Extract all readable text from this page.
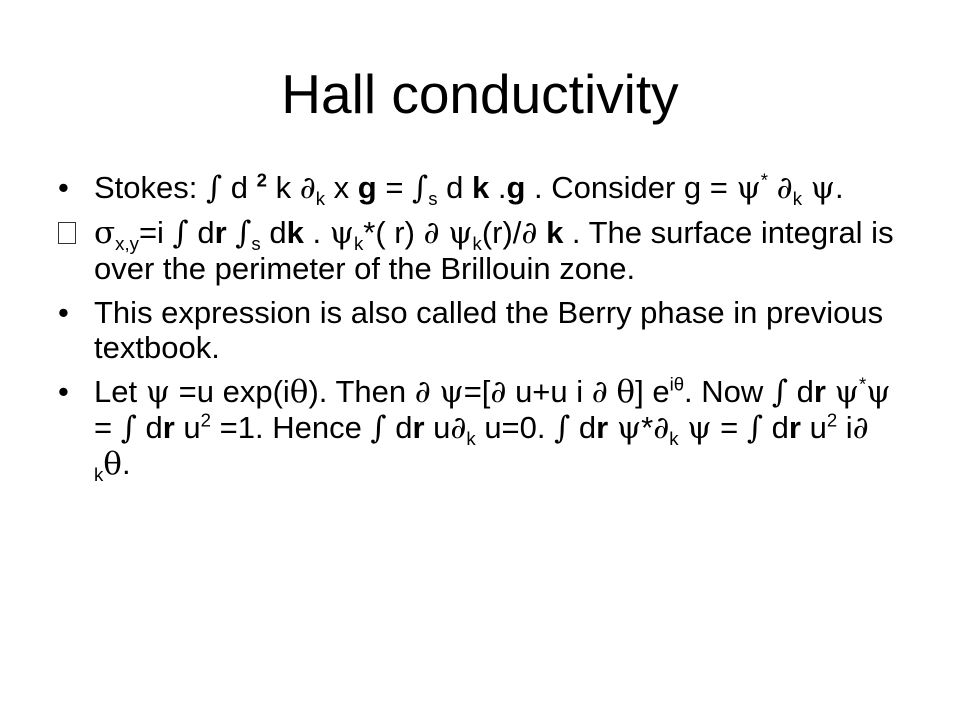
Hall conductivity
• Stokes: ∫ d $^2$ k $\partial_k$ x $g = \int_s$ d k .g . Consider g = ψ* $\partial_k$ ψ.
$\sigma_{x,y}=i$ ∫ dr $\int_s$ dk . $\psi_k*$( r) ∂ $\psi_k(r)/\partial$ k . The surface integral is over the perimeter of the Brillouin zone.
• This expression is also called the Berry phase in previous textbook.
• Let ψ =u exp(iθ). Then ∂ ψ=[∂ u+u i ∂ θ] $e^{i\theta}$. Now ∫ dr ψ*ψ = ∫ dr $u^2 =1$. Hence ∫ dr $u\partial_k$ u=0. ∫ dr $\psi*\partial_k$ ψ = ∫ dr $u^2$ i∂ $_k$θ.
